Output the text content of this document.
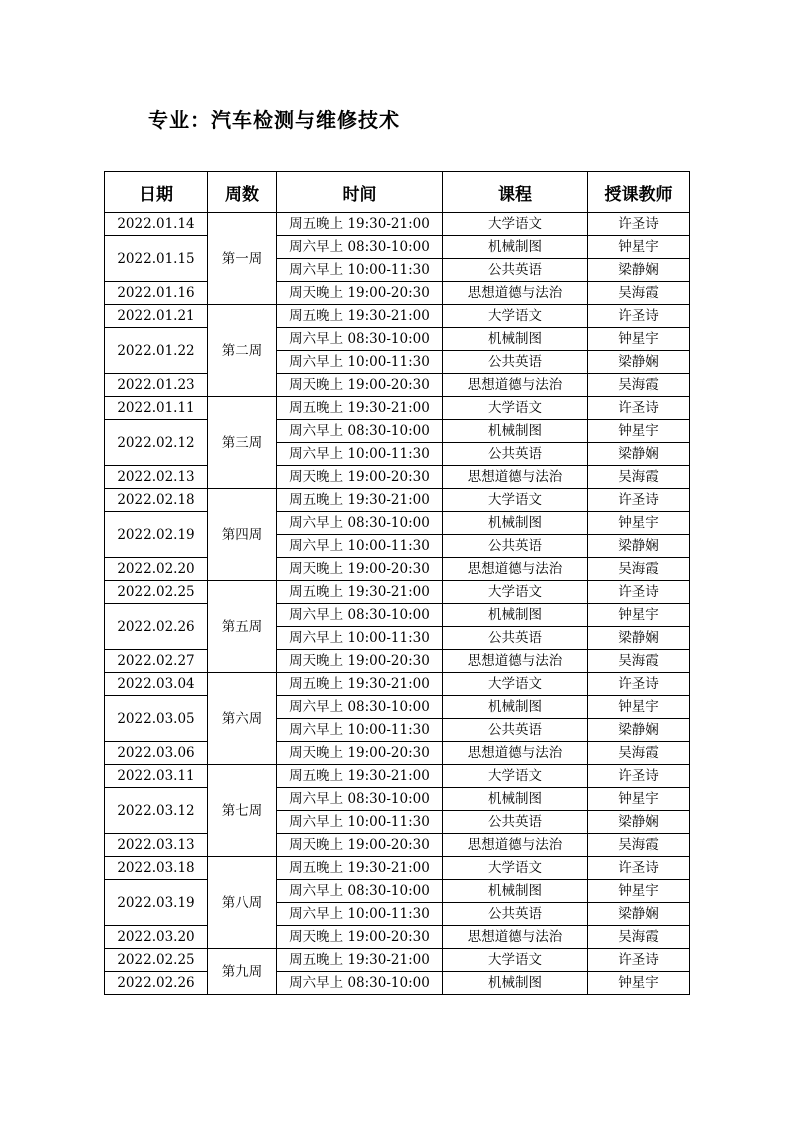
专业：汽车检测与维修技术
日期	周数	时间	课程	授课教师
2022.01.14	第一周	周五晚上 19:30-21:00	大学语文	许圣诗
2022.01.15		周六早上 08:30-10:00	机械制图	钟星宇
		周六早上 10:00-11:30	公共英语	梁静娴
2022.01.16		周天晚上 19:00-20:30	思想道德与法治	吴海霞
2022.01.21	第二周	周五晚上 19:30-21:00	大学语文	许圣诗
2022.01.22		周六早上 08:30-10:00	机械制图	钟星宇
		周六早上 10:00-11:30	公共英语	梁静娴
2022.01.23		周天晚上 19:00-20:30	思想道德与法治	吴海霞
2022.01.11	第三周	周五晚上 19:30-21:00	大学语文	许圣诗
2022.02.12		周六早上 08:30-10:00	机械制图	钟星宇
		周六早上 10:00-11:30	公共英语	梁静娴
2022.02.13		周天晚上 19:00-20:30	思想道德与法治	吴海霞
2022.02.18	第四周	周五晚上 19:30-21:00	大学语文	许圣诗
2022.02.19		周六早上 08:30-10:00	机械制图	钟星宇
		周六早上 10:00-11:30	公共英语	梁静娴
2022.02.20		周天晚上 19:00-20:30	思想道德与法治	吴海霞
2022.02.25	第五周	周五晚上 19:30-21:00	大学语文	许圣诗
2022.02.26		周六早上 08:30-10:00	机械制图	钟星宇
		周六早上 10:00-11:30	公共英语	梁静娴
2022.02.27		周天晚上 19:00-20:30	思想道德与法治	吴海霞
2022.03.04	第六周	周五晚上 19:30-21:00	大学语文	许圣诗
2022.03.05		周六早上 08:30-10:00	机械制图	钟星宇
		周六早上 10:00-11:30	公共英语	梁静娴
2022.03.06		周天晚上 19:00-20:30	思想道德与法治	吴海霞
2022.03.11	第七周	周五晚上 19:30-21:00	大学语文	许圣诗
2022.03.12		周六早上 08:30-10:00	机械制图	钟星宇
		周六早上 10:00-11:30	公共英语	梁静娴
2022.03.13		周天晚上 19:00-20:30	思想道德与法治	吴海霞
2022.03.18	第八周	周五晚上 19:30-21:00	大学语文	许圣诗
2022.03.19		周六早上 08:30-10:00	机械制图	钟星宇
		周六早上 10:00-11:30	公共英语	梁静娴
2022.03.20		周天晚上 19:00-20:30	思想道德与法治	吴海霞
2022.02.25	第九周	周五晚上 19:30-21:00	大学语文	许圣诗
2022.02.26		周六早上 08:30-10:00	机械制图	钟星宇
